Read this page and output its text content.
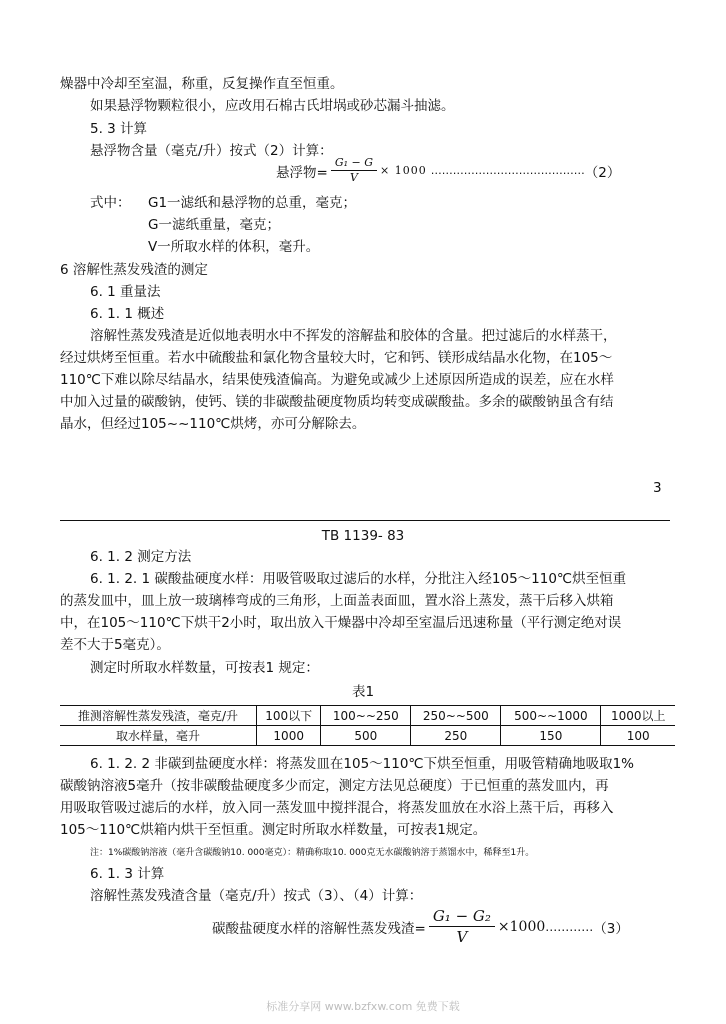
燥器中冷却至室温，称重，反复操作直至恒重。
如果悬浮物颗粒很小，应改用石棉古氏坩埚或砂芯漏斗抽滤。
5. 3 计算
悬浮物含量（毫克/升）按式（2）计算：
悬浮物= $\frac{\text{G₁ − G}}{V} \times 1000$ …………………………………… （2）
式中： G1一滤纸和悬浮物的总重，毫克；
G一滤纸重量，毫克；
V一所取水样的体积，毫升。
6 溶解性蒸发残渣的测定
6. 1 重量法
6. 1. 1 概述
溶解性蒸发残渣是近似地表明水中不挥发的溶解盐和胶体的含量。把过滤后的水样蒸干，
经过烘烤至恒重。若水中硫酸盐和氯化物含量较大时，它和钙、镁形成结晶水化物，在105～
110℃下难以除尽结晶水，结果使残渣偏高。为避免或减少上述原因所造成的误差，应在水样
中加入过量的碳酸钠，使钙、镁的非碳酸盐硬度物质均转变成碳酸盐。多余的碳酸钠虽含有结
晶水，但经过105~~110℃烘烤，亦可分解除去。
3
TB 1139- 83
6. 1. 2 测定方法
6. 1. 2. 1 碳酸盐硬度水样：用吸管吸取过滤后的水样，分批注入经105～110℃烘至恒重
的蒸发皿中，皿上放一玻璃棒弯成的三角形，上面盖表面皿，置水浴上蒸发，蒸干后移入烘箱
中，在105～110℃下烘干2小时，取出放入干燥器中冷却至室温后迅速称量（平行测定绝对误
差不大于5毫克）。
测定时所取水样数量，可按表1 规定：
表1
推测溶解性蒸发残渣，毫克/升	100以下	100~~250	250~~500	500~~1000	1000以上
取水样量，毫升	1000	500	250	150	100
6. 1. 2. 2 非碳到盐硬度水样：将蒸发皿在105～110℃下烘至恒重，用吸管精确地吸取1%
碳酸钠溶液5毫升（按非碳酸盐硬度多少而定，测定方法见总硬度）于已恒重的蒸发皿内，再
用吸取管吸过滤后的水样，放入同一蒸发皿中搅拌混合，将蒸发皿放在水浴上蒸干后，再移入
105～110℃烘箱内烘干至恒重。测定时所取水样数量，可按表1规定。
注：1%碳酸钠溶液（毫升含碳酸钠10. 000毫克）：精确称取10. 000克无水碳酸钠溶于蒸馏水中，稀释至1升。
6. 1. 3 计算
溶解性蒸发残渣含量（毫克/升）按式（3）、（4）计算：
碳酸盐硬度水样的溶解性蒸发残渣= $\frac{\text{G₁ − G₂}}{V} \times 1000$ ………… （3）
标准分享网 www.bzfxw.com 免费下载
